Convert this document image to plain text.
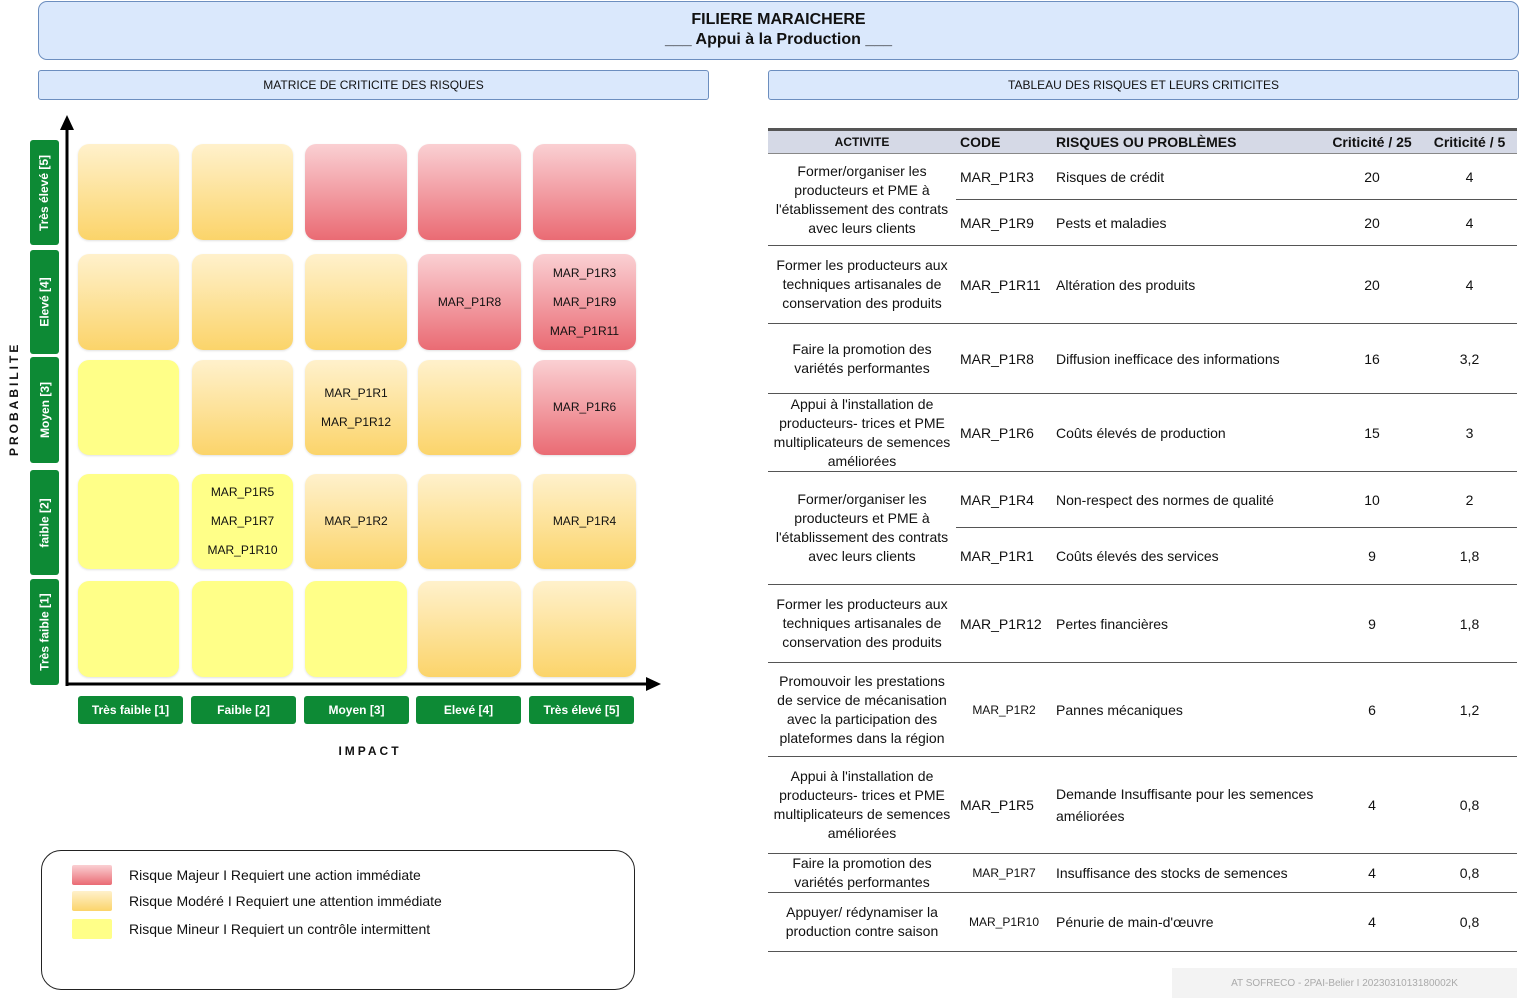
FILIERE MARAICHERE
___ Appui à la Production ___
MATRICE DE CRITICITE DES RISQUES	TABLEAU DES RISQUES ET LEURS CRITICITES
MAR_P1R8
MAR_P1R3
MAR_P1R9
MAR_P1R11
MAR_P1R1
MAR_P1R12
MAR_P1R6
MAR_P1R5
MAR_P1R7
MAR_P1R10
MAR_P1R2	MAR_P1R4
Très élevé [5]
Elevé [4]
Moyen [3]
faible [2]
Très faible [1]
Très faible [1]	Faible [2]	Moyen [3]	Elevé [4]	Très élevé [5]
PROBABILITE
IMPACT
Risque Majeur I Requiert une action immédiate
Risque Modéré I Requiert une attention immédiate
Risque Mineur I Requiert un contrôle intermittent
ACTIVITE	CODE	RISQUES OU PROBLÈMES	Criticité / 25	Criticité / 5
Former/organiser les producteurs et PME à l'établissement des contrats avec leurs clients	MAR_P1R3	Risques de crédit	20	4
	MAR_P1R9	Pests et maladies	20	4
Former les producteurs aux techniques artisanales de conservation des produits	MAR_P1R11	Altération des produits	20	4
Faire la promotion des variétés performantes	MAR_P1R8	Diffusion inefficace des informations	16	3,2
Appui à l'installation de producteurs- trices et PME multiplicateurs de semences améliorées	MAR_P1R6	Coûts élevés de production	15	3
Former/organiser les producteurs et PME à l'établissement des contrats avec leurs clients	MAR_P1R4	Non-respect des normes de qualité	10	2
	MAR_P1R1	Coûts élevés des services	9	1,8
Former les producteurs aux techniques artisanales de conservation des produits	MAR_P1R12	Pertes financières	9	1,8
Promouvoir les prestations de service de mécanisation avec la participation des plateformes dans la région	MAR_P1R2	Pannes mécaniques	6	1,2
Appui à l'installation de producteurs- trices et PME multiplicateurs de semences améliorées	MAR_P1R5	Demande Insuffisante pour les semences améliorées	4	0,8
Faire la promotion des variétés performantes	MAR_P1R7	Insuffisance des stocks de semences	4	0,8
Appuyer/ rédynamiser la production contre saison	MAR_P1R10	Pénurie de main-d'œuvre	4	0,8
AT SOFRECO - 2PAI-Belier I 2023031013180002K
